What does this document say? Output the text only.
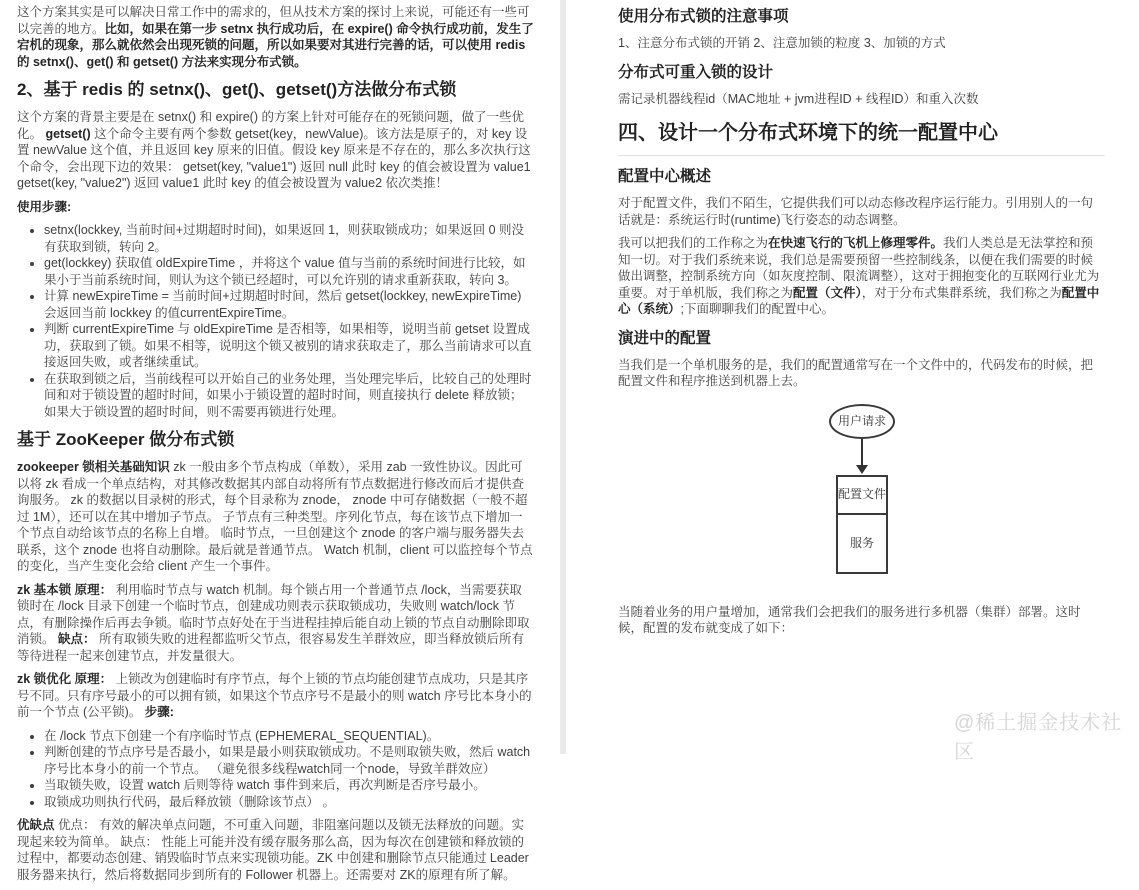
这个方案其实是可以解决日常工作中的需求的，但从技术方案的探讨上来说，可能还有一些可以完善的地方。比如，如果在第一步 setnx 执行成功后，在 expire() 命令执行成功前，发生了宕机的现象，那么就依然会出现死锁的问题，所以如果要对其进行完善的话，可以使用 redis 的 setnx()、get() 和 getset() 方法来实现分布式锁。

2、基于 redis 的 setnx()、get()、getset()方法做分布式锁

这个方案的背景主要是在 setnx() 和 expire() 的方案上针对可能存在的死锁问题，做了一些优化。 getset() 这个命令主要有两个参数 getset(key，newValue)。该方法是原子的，对 key 设置 newValue 这个值，并且返回 key 原来的旧值。假设 key 原来是不存在的，那么多次执行这个命令，会出现下边的效果： getset(key, "value1") 返回 null 此时 key 的值会被设置为 value1 getset(key, "value2") 返回 value1 此时 key 的值会被设置为 value2 依次类推！

使用步骤:

• setnx(lockkey, 当前时间+过期超时时间)，如果返回 1，则获取锁成功；如果返回 0 则没有获取到锁，转向 2。
• get(lockkey) 获取值 oldExpireTime ，并将这个 value 值与当前的系统时间进行比较，如果小于当前系统时间，则认为这个锁已经超时，可以允许别的请求重新获取，转向 3。
• 计算 newExpireTime = 当前时间+过期超时时间，然后 getset(lockkey, newExpireTime) 会返回当前 lockkey 的值currentExpireTime。
• 判断 currentExpireTime 与 oldExpireTime 是否相等，如果相等，说明当前 getset 设置成功，获取到了锁。如果不相等，说明这个锁又被别的请求获取走了，那么当前请求可以直接返回失败，或者继续重试。
• 在获取到锁之后，当前线程可以开始自己的业务处理，当处理完毕后，比较自己的处理时间和对于锁设置的超时时间，如果小于锁设置的超时时间，则直接执行 delete 释放锁；如果大于锁设置的超时时间，则不需要再锁进行处理。
基于 ZooKeeper 做分布式锁

zookeeper 锁相关基础知识 zk 一般由多个节点构成（单数），采用 zab 一致性协议。因此可以将 zk 看成一个单点结构，对其修改数据其内部自动将所有节点数据进行修改而后才提供查询服务。 zk 的数据以目录树的形式，每个目录称为 znode， znode 中可存储数据（一般不超过 1M），还可以在其中增加子节点。 子节点有三种类型。序列化节点，每在该节点下增加一个节点自动给该节点的名称上自增。 临时节点，一旦创建这个 znode 的客户端与服务器失去联系，这个 znode 也将自动删除。最后就是普通节点。 Watch 机制，client 可以监控每个节点的变化，当产生变化会给 client 产生一个事件。

zk 基本锁 原理： 利用临时节点与 watch 机制。每个锁占用一个普通节点 /lock，当需要获取锁时在 /lock 目录下创建一个临时节点，创建成功则表示获取锁成功，失败则 watch/lock 节点，有删除操作后再去争锁。临时节点好处在于当进程挂掉后能自动上锁的节点自动删除即取消锁。 缺点： 所有取锁失败的进程都监听父节点，很容易发生羊群效应，即当释放锁后所有等待进程一起来创建节点，并发量很大。

zk 锁优化 原理： 上锁改为创建临时有序节点，每个上锁的节点均能创建节点成功，只是其序号不同。只有序号最小的可以拥有锁，如果这个节点序号不是最小的则 watch 序号比本身小的前一个节点 (公平锁)。 步骤:

• 在 /lock 节点下创建一个有序临时节点 (EPHEMERAL_SEQUENTIAL)。
• 判断创建的节点序号是否最小，如果是最小则获取锁成功。不是则取锁失败，然后 watch 序号比本身小的前一个节点。 （避免很多线程watch同一个node，导致羊群效应）
• 当取锁失败，设置 watch 后则等待 watch 事件到来后，再次判断是否序号最小。
• 取锁成功则执行代码，最后释放锁（删除该节点） 。

优缺点 优点： 有效的解决单点问题，不可重入问题，非阻塞问题以及锁无法释放的问题。实现起来较为简单。 缺点： 性能上可能并没有缓存服务那么高，因为每次在创建锁和释放锁的过程中，都要动态创建、销毁临时节点来实现锁功能。ZK 中创建和删除节点只能通过 Leader 服务器来执行，然后将数据同步到所有的 Follower 机器上。还需要对 ZK的原理有所了解。

使用分布式锁的注意事项

1、注意分布式锁的开销 2、注意加锁的粒度 3、加锁的方式

分布式可重入锁的设计

需记录机器线程id（MAC地址 + jvm进程ID + 线程ID）和重入次数

四、设计一个分布式环境下的统一配置中心
配置中心概述

对于配置文件，我们不陌生，它提供我们可以动态修改程序运行能力。引用别人的一句话就是：系统运行时(runtime)飞行姿态的动态调整。

我可以把我们的工作称之为在快速飞行的飞机上修理零件。我们人类总是无法掌控和预知一切。对于我们系统来说，我们总是需要预留一些控制线条，以便在我们需要的时候做出调整，控制系统方向（如灰度控制、限流调整），这对于拥抱变化的互联网行业尤为重要。对于单机版，我们称之为配置（文件），对于分布式集群系统，我们称之为配置中心（系统）;下面聊聊我们的配置中心。

演进中的配置

当我们是一个单机服务的是，我们的配置通常写在一个文件中的，代码发布的时候，把配置文件和程序推送到机器上去。

用户请求
配置文件
服务

当随着业务的用户量增加，通常我们会把我们的服务进行多机器（集群）部署。这时候，配置的发布就变成了如下：

@稀土掘金技术社区
